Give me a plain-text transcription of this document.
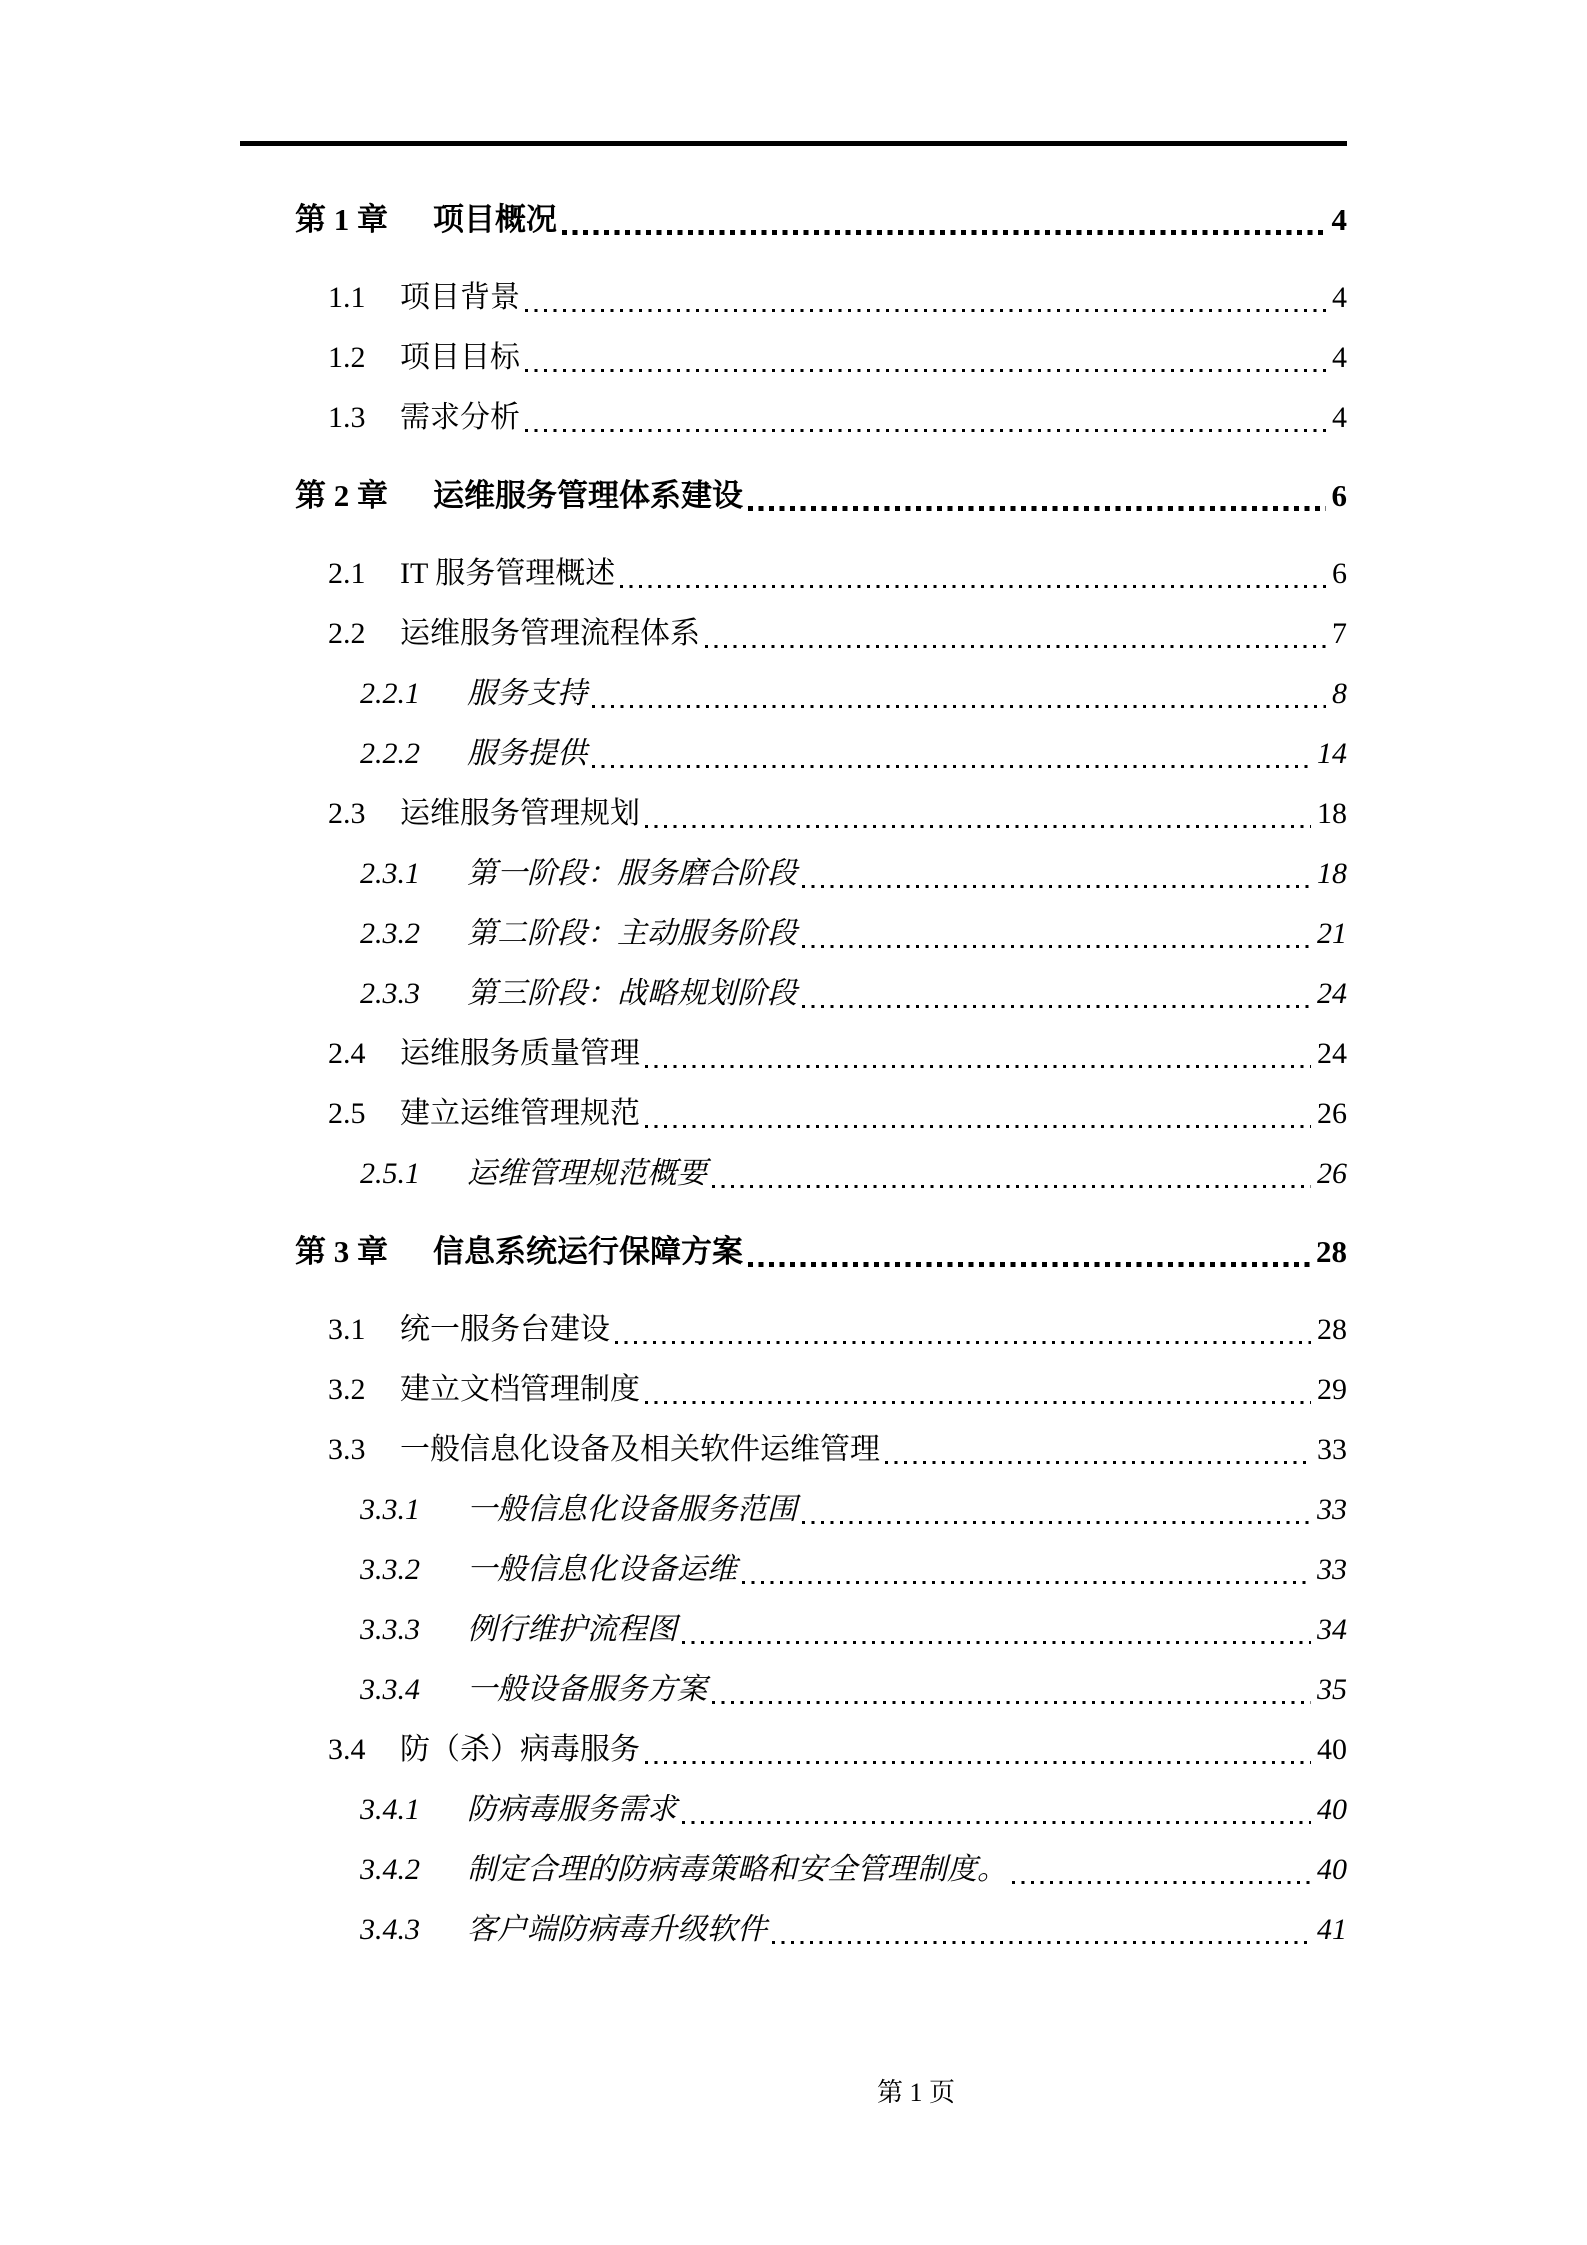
第 1 章	项目概况	4
1.1	项目背景	4
1.2	项目目标	4
1.3	需求分析	4
第 2 章	运维服务管理体系建设	6
2.1	IT 服务管理概述	6
2.2	运维服务管理流程体系	7
2.2.1	服务支持	8
2.2.2	服务提供	14
2.3	运维服务管理规划	18
2.3.1	第一阶段：服务磨合阶段	18
2.3.2	第二阶段：主动服务阶段	21
2.3.3	第三阶段：战略规划阶段	24
2.4	运维服务质量管理	24
2.5	建立运维管理规范	26
2.5.1	运维管理规范概要	26
第 3 章	信息系统运行保障方案	28
3.1	统一服务台建设	28
3.2	建立文档管理制度	29
3.3	一般信息化设备及相关软件运维管理	33
3.3.1	一般信息化设备服务范围	33
3.3.2	一般信息化设备运维	33
3.3.3	例行维护流程图	34
3.3.4	一般设备服务方案	35
3.4	防（杀）病毒服务	40
3.4.1	防病毒服务需求	40
3.4.2	制定合理的防病毒策略和安全管理制度。	40
3.4.3	客户端防病毒升级软件	41
第 1 页
